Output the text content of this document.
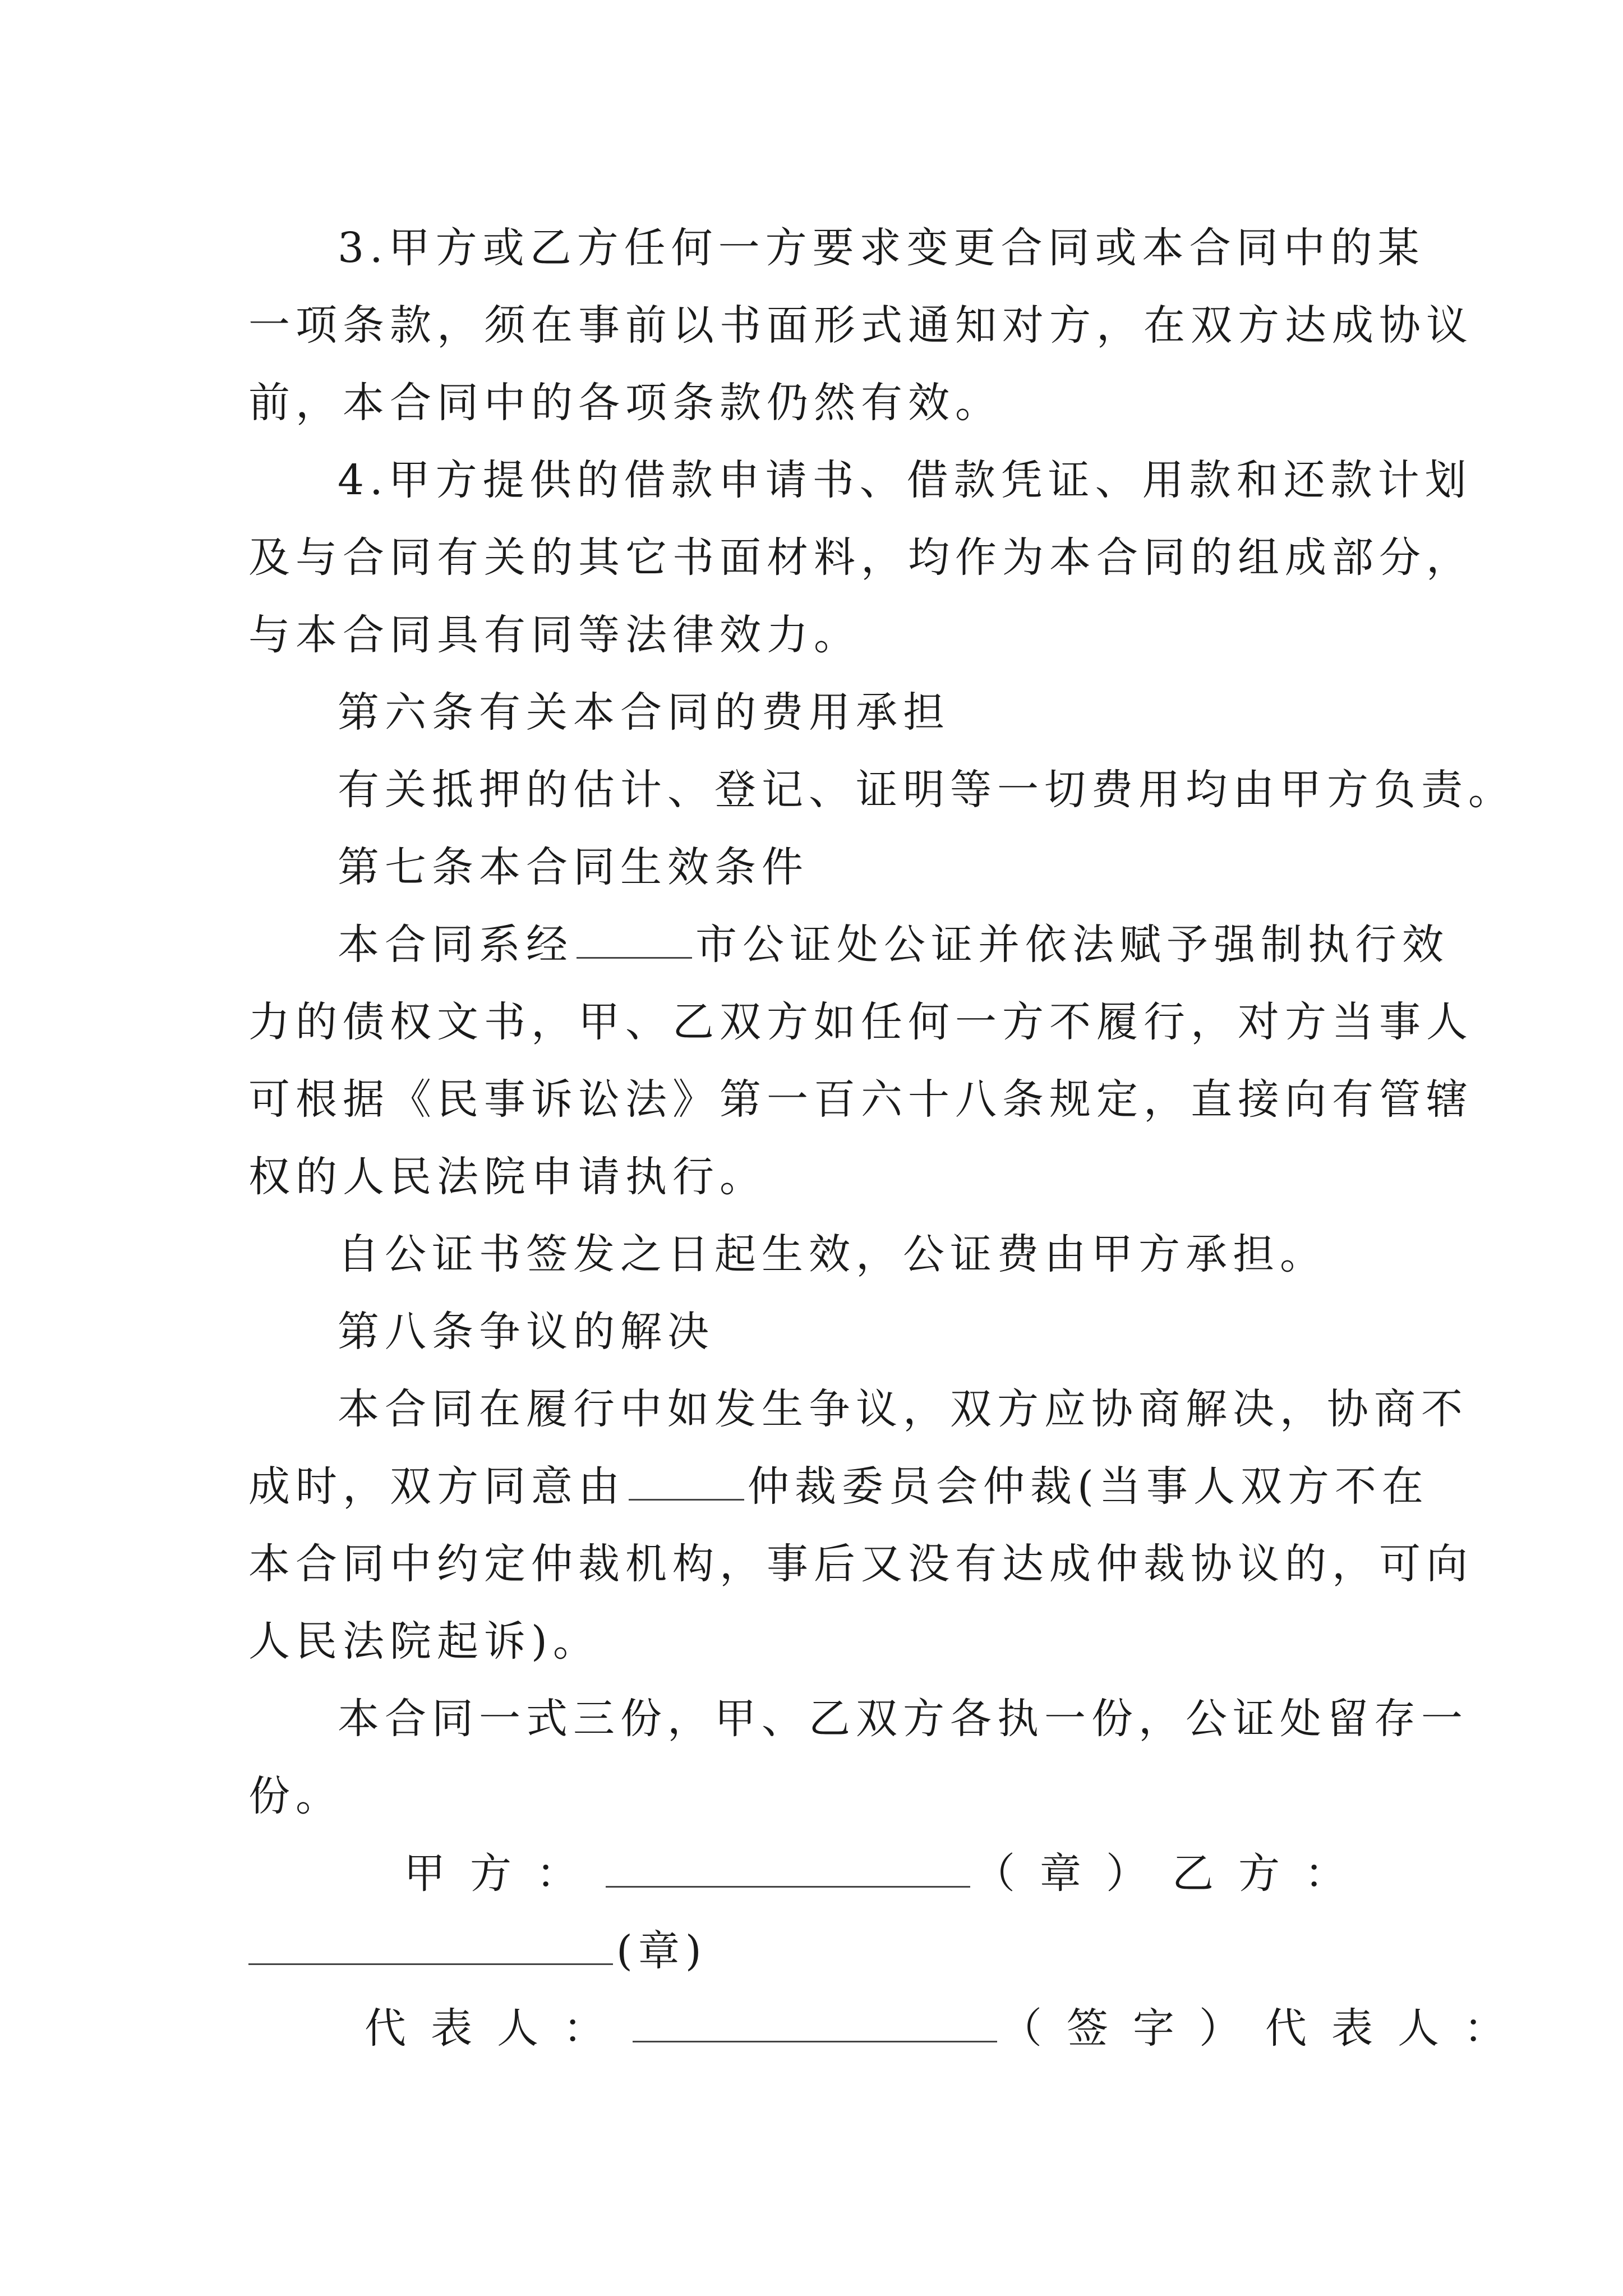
3.甲方或乙方任何一方要求变更合同或本合同中的某
一项条款，须在事前以书面形式通知对方，在双方达成协议
前，本合同中的各项条款仍然有效。
4.甲方提供的借款申请书、借款凭证、用款和还款计划
及与合同有关的其它书面材料，均作为本合同的组成部分，
与本合同具有同等法律效力。
第六条有关本合同的费用承担
有关抵押的估计、登记、证明等一切费用均由甲方负责。
第七条本合同生效条件
本合同系经	市公证处公证并依法赋予强制执行效
力的债权文书，甲、乙双方如任何一方不履行，对方当事人
可根据《民事诉讼法》第一百六十八条规定，直接向有管辖
权的人民法院申请执行。
自公证书签发之日起生效，公证费由甲方承担。
第八条争议的解决
本合同在履行中如发生争议，双方应协商解决，协商不
成时，双方同意由	仲裁委员会仲裁(当事人双方不在
本合同中约定仲裁机构，事后又没有达成仲裁协议的，可向
人民法院起诉)。
本合同一式三份，甲、乙双方各执一份，公证处留存一
份。
甲方：	（章）乙方：
(章)
代表人：	（签字）代表人：
